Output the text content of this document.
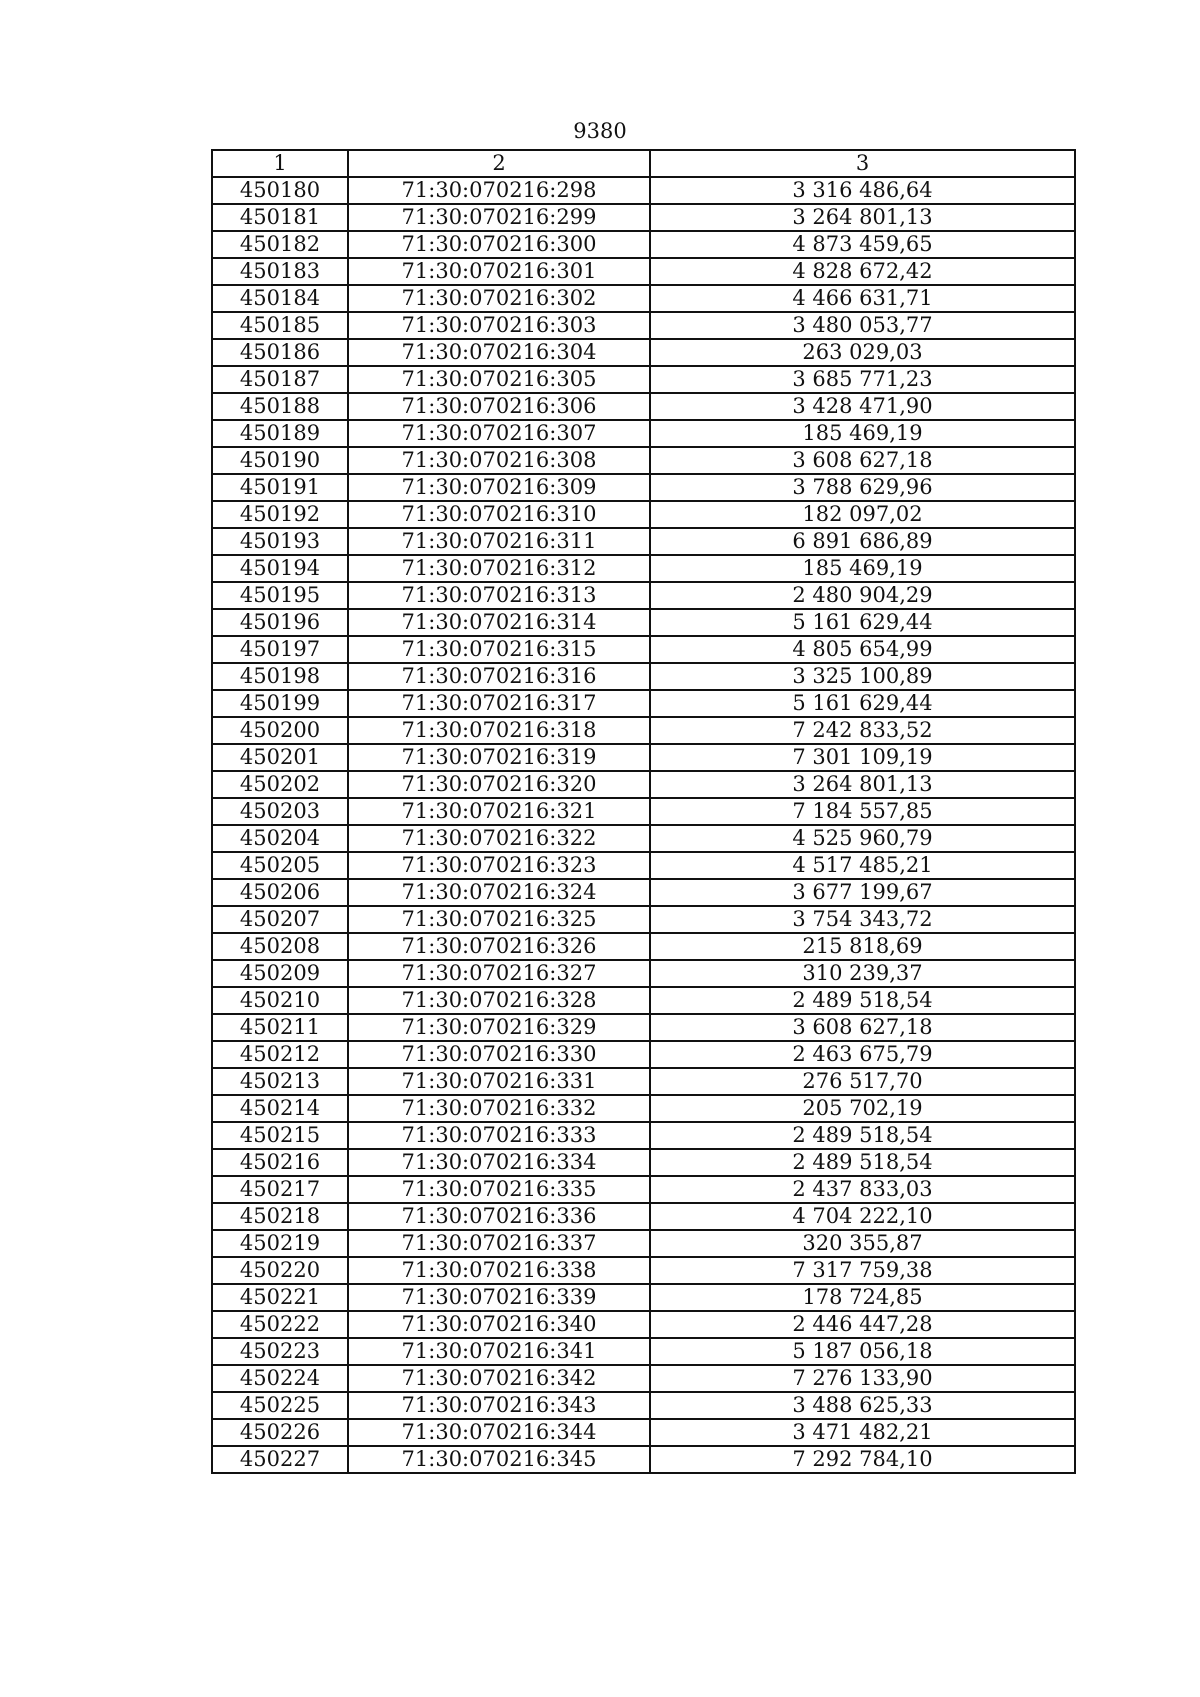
9380
1	2	3
450180	71:30:070216:298	3 316 486,64
450181	71:30:070216:299	3 264 801,13
450182	71:30:070216:300	4 873 459,65
450183	71:30:070216:301	4 828 672,42
450184	71:30:070216:302	4 466 631,71
450185	71:30:070216:303	3 480 053,77
450186	71:30:070216:304	263 029,03
450187	71:30:070216:305	3 685 771,23
450188	71:30:070216:306	3 428 471,90
450189	71:30:070216:307	185 469,19
450190	71:30:070216:308	3 608 627,18
450191	71:30:070216:309	3 788 629,96
450192	71:30:070216:310	182 097,02
450193	71:30:070216:311	6 891 686,89
450194	71:30:070216:312	185 469,19
450195	71:30:070216:313	2 480 904,29
450196	71:30:070216:314	5 161 629,44
450197	71:30:070216:315	4 805 654,99
450198	71:30:070216:316	3 325 100,89
450199	71:30:070216:317	5 161 629,44
450200	71:30:070216:318	7 242 833,52
450201	71:30:070216:319	7 301 109,19
450202	71:30:070216:320	3 264 801,13
450203	71:30:070216:321	7 184 557,85
450204	71:30:070216:322	4 525 960,79
450205	71:30:070216:323	4 517 485,21
450206	71:30:070216:324	3 677 199,67
450207	71:30:070216:325	3 754 343,72
450208	71:30:070216:326	215 818,69
450209	71:30:070216:327	310 239,37
450210	71:30:070216:328	2 489 518,54
450211	71:30:070216:329	3 608 627,18
450212	71:30:070216:330	2 463 675,79
450213	71:30:070216:331	276 517,70
450214	71:30:070216:332	205 702,19
450215	71:30:070216:333	2 489 518,54
450216	71:30:070216:334	2 489 518,54
450217	71:30:070216:335	2 437 833,03
450218	71:30:070216:336	4 704 222,10
450219	71:30:070216:337	320 355,87
450220	71:30:070216:338	7 317 759,38
450221	71:30:070216:339	178 724,85
450222	71:30:070216:340	2 446 447,28
450223	71:30:070216:341	5 187 056,18
450224	71:30:070216:342	7 276 133,90
450225	71:30:070216:343	3 488 625,33
450226	71:30:070216:344	3 471 482,21
450227	71:30:070216:345	7 292 784,10
